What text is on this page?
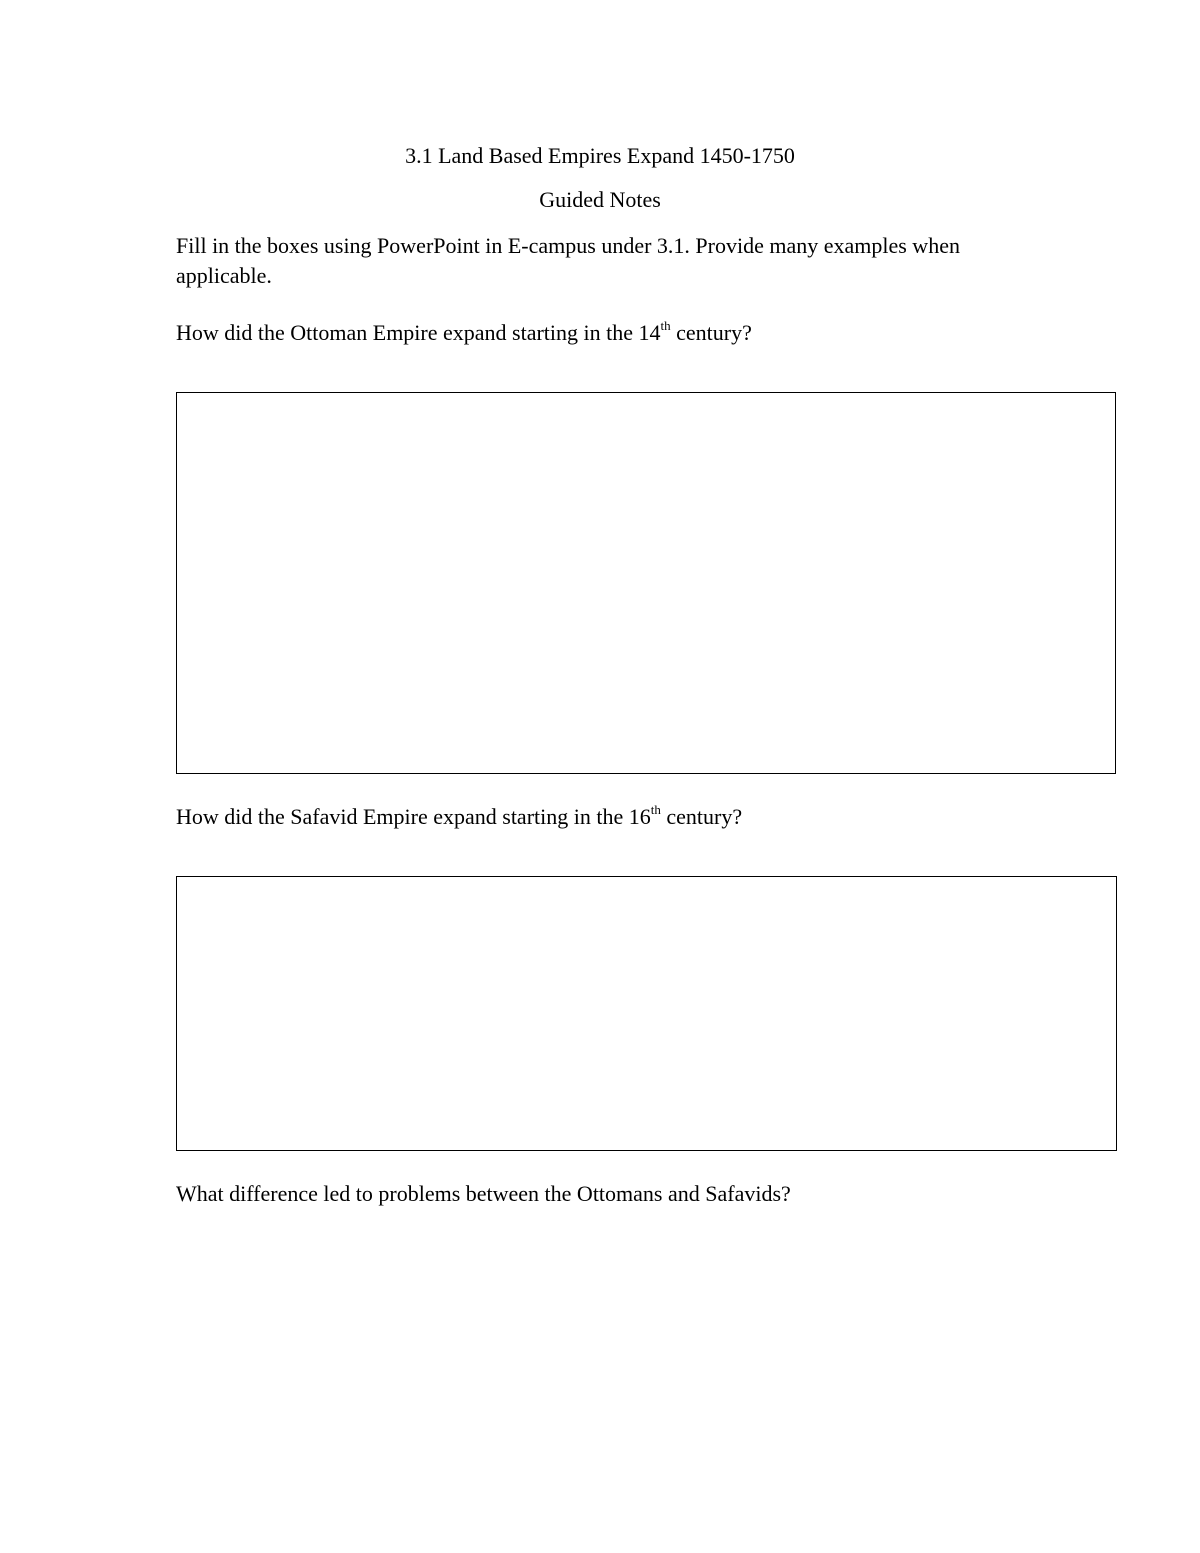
3.1 Land Based Empires Expand 1450-1750
Guided Notes
Fill in the boxes using PowerPoint in E-campus under 3.1. Provide many examples when applicable.
How did the Ottoman Empire expand starting in the 14th century?
How did the Safavid Empire expand starting in the 16th century?
What difference led to problems between the Ottomans and Safavids?
